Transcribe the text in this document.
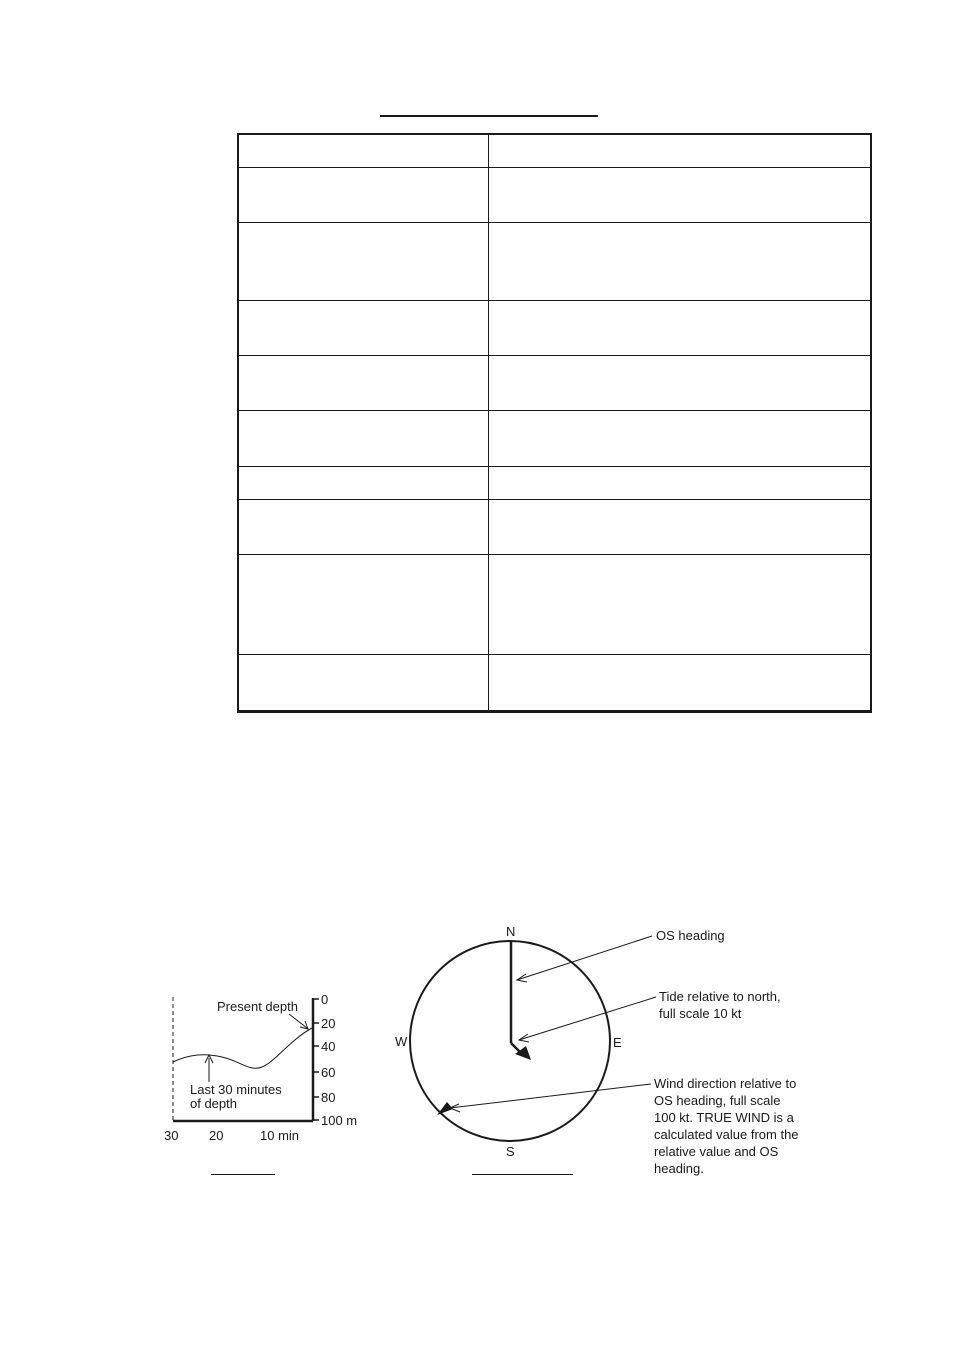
0
20
40
60
80
100 m
30 20	10 min
Present depth
Last 30 minutes
of depth
N
S
E
W
OS heading
Tide relative to north,
full scale 10 kt
Wind direction relative to
OS heading, full scale
100 kt. TRUE WIND is a
calculated value from the
relative value and OS
heading.
